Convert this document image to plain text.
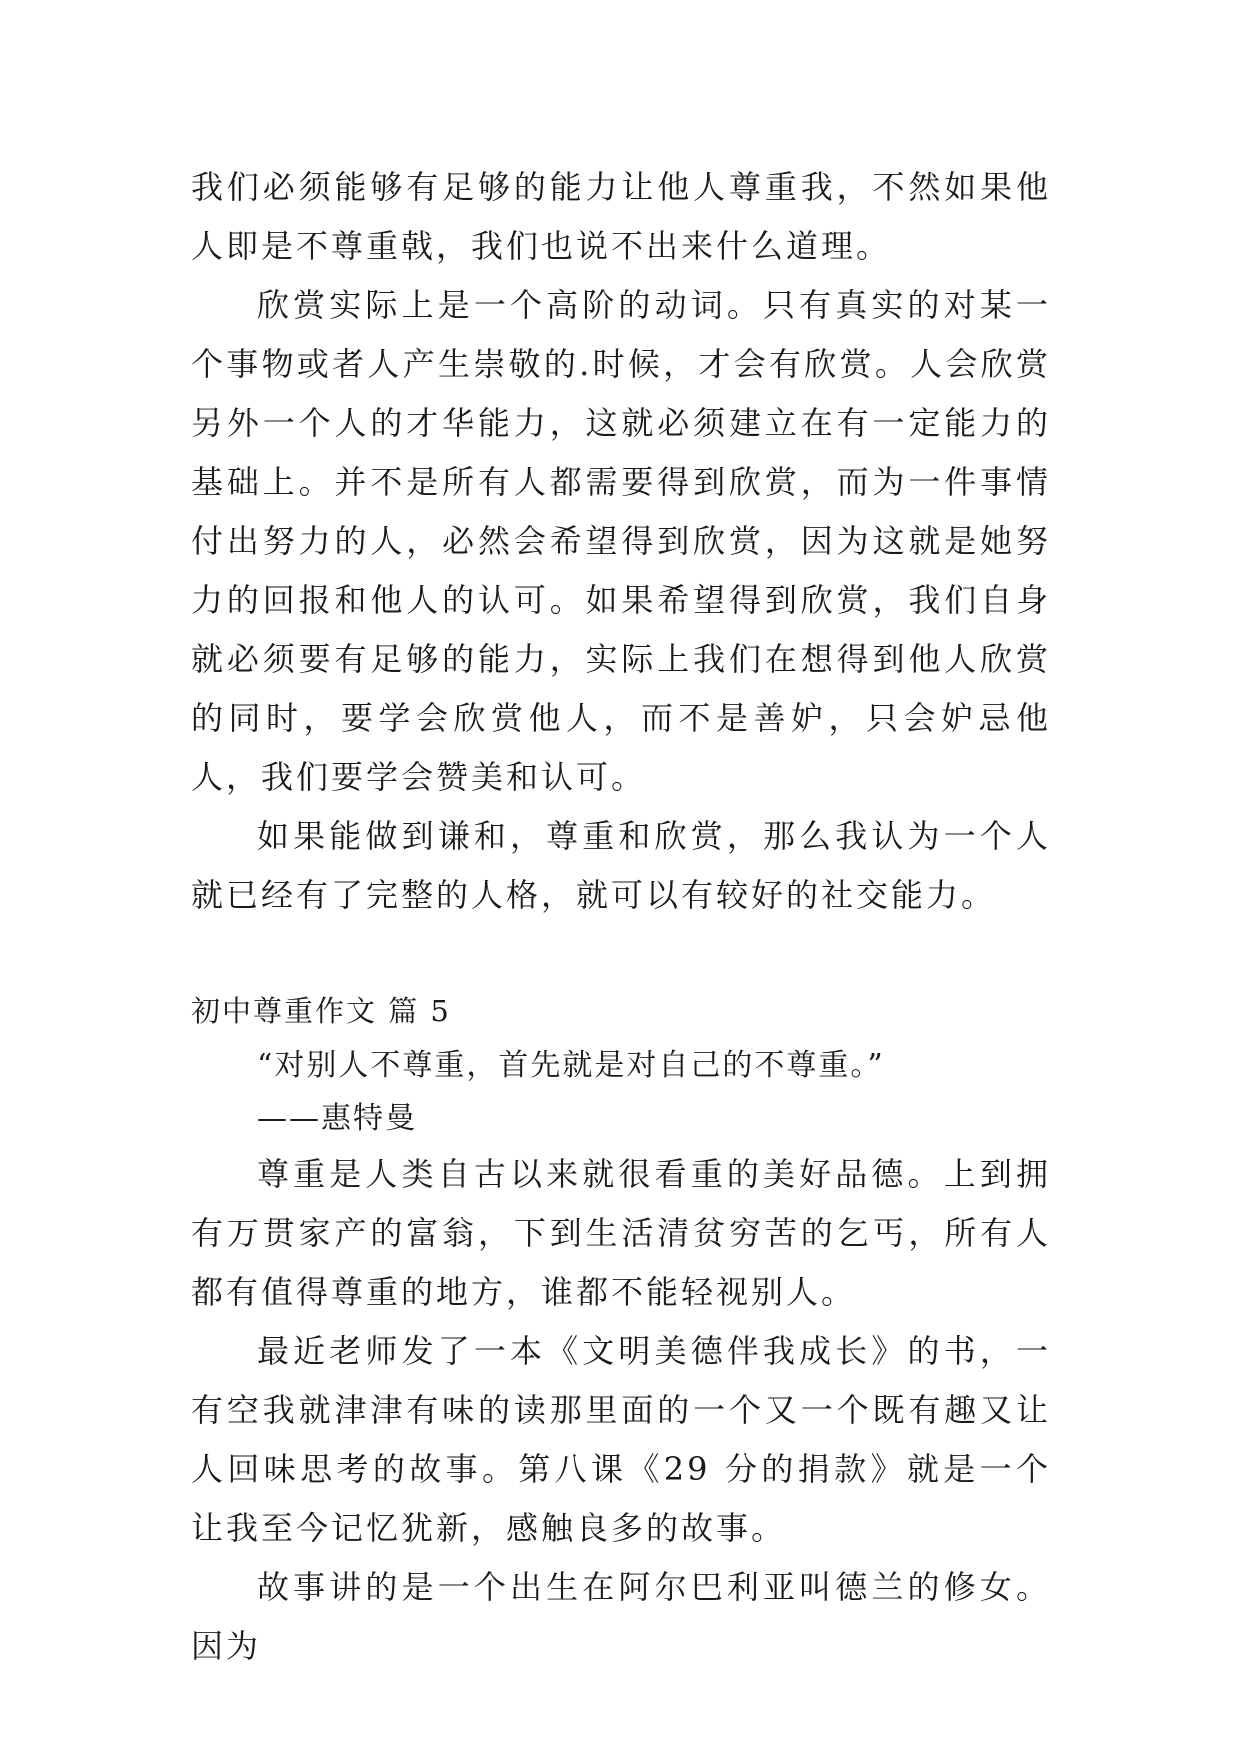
我们必须能够有足够的能力让他人尊重我，不然如果他人即是不尊重戟，我们也说不出来什么道理。

欣赏实际上是一个高阶的动词。只有真实的对某一个事物或者人产生崇敬的.时候，才会有欣赏。人会欣赏另外一个人的才华能力，这就必须建立在有一定能力的基础上。并不是所有人都需要得到欣赏，而为一件事情付出努力的人，必然会希望得到欣赏，因为这就是她努力的回报和他人的认可。如果希望得到欣赏，我们自身就必须要有足够的能力，实际上我们在想得到他人欣赏的同时，要学会欣赏他人，而不是善妒，只会妒忌他人，我们要学会赞美和认可。

如果能做到谦和，尊重和欣赏，那么我认为一个人就已经有了完整的人格，就可以有较好的社交能力。

初中尊重作文 篇 5

“对别人不尊重，首先就是对自己的不尊重。”

——惠特曼

尊重是人类自古以来就很看重的美好品德。上到拥有万贯家产的富翁，下到生活清贫穷苦的乞丐，所有人都有值得尊重的地方，谁都不能轻视别人。

最近老师发了一本《文明美德伴我成长》的书，一有空我就津津有味的读那里面的一个又一个既有趣又让人回味思考的故事。第八课《29 分的捐款》就是一个让我至今记忆犹新，感触良多的故事。

故事讲的是一个出生在阿尔巴利亚叫德兰的修女。因为
